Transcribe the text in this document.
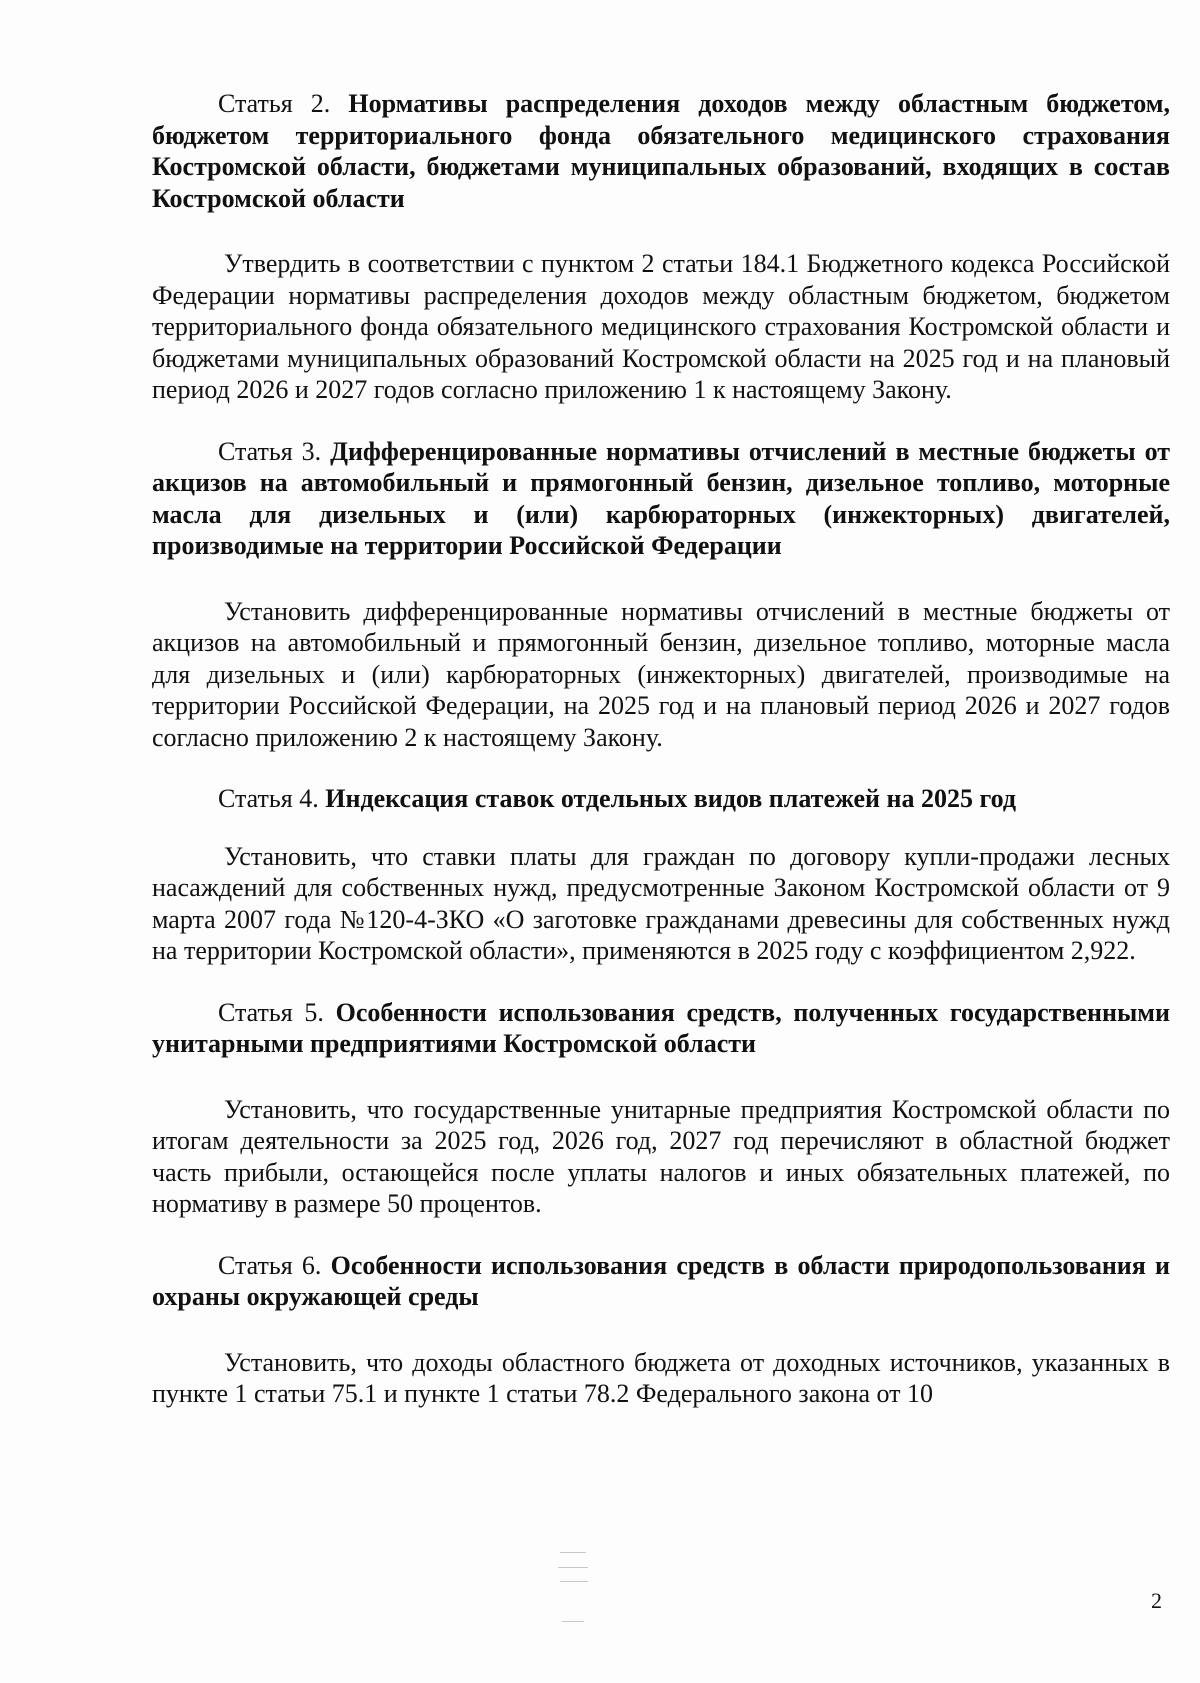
Статья 2. Нормативы распределения доходов между областным бюджетом, бюджетом территориального фонда обязательного медицинского страхования Костромской области, бюджетами муниципальных образований, входящих в состав Костромской области

Утвердить в соответствии с пунктом 2 статьи 184.1 Бюджетного кодекса Российской Федерации нормативы распределения доходов между областным бюджетом, бюджетом территориального фонда обязательного медицинского страхования Костромской области и бюджетами муниципальных образований Костромской области на 2025 год и на плановый период 2026 и 2027 годов согласно приложению 1 к настоящему Закону.

Статья 3. Дифференцированные нормативы отчислений в местные бюджеты от акцизов на автомобильный и прямогонный бензин, дизельное топливо, моторные масла для дизельных и (или) карбюраторных (инжекторных) двигателей, производимые на территории Российской Федерации

Установить дифференцированные нормативы отчислений в местные бюджеты от акцизов на автомобильный и прямогонный бензин, дизельное топливо, моторные масла для дизельных и (или) карбюраторных (инжекторных) двигателей, производимые на территории Российской Федерации, на 2025 год и на плановый период 2026 и 2027 годов согласно приложению 2 к настоящему Закону.

Статья 4. Индексация ставок отдельных видов платежей на 2025 год

Установить, что ставки платы для граждан по договору купли-продажи лесных насаждений для собственных нужд, предусмотренные Законом Костромской области от 9 марта 2007 года №120-4-ЗКО «О заготовке гражданами древесины для собственных нужд на территории Костромской области», применяются в 2025 году с коэффициентом 2,922.

Статья 5. Особенности использования средств, полученных государственными унитарными предприятиями Костромской области

Установить, что государственные унитарные предприятия Костромской области по итогам деятельности за 2025 год, 2026 год, 2027 год перечисляют в областной бюджет часть прибыли, остающейся после уплаты налогов и иных обязательных платежей, по нормативу в размере 50 процентов.

Статья 6. Особенности использования средств в области природопользования и охраны окружающей среды

Установить, что доходы областного бюджета от доходных источников, указанных в пункте 1 статьи 75.1 и пункте 1 статьи 78.2 Федерального закона от 10

2
